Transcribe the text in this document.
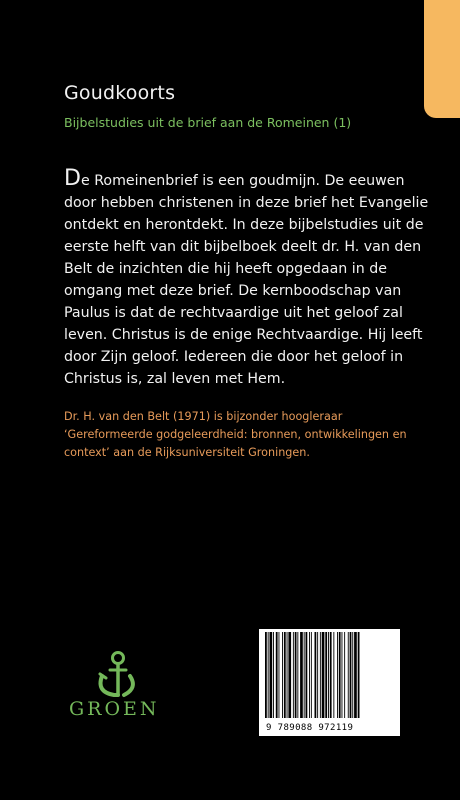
Goudkoorts
Bijbelstudies uit de brief aan de Romeinen (1)
De Romeinenbrief is een goudmijn. De eeuwen door hebben christenen in deze brief het Evangelie ontdekt en herontdekt. In deze bijbelstudies uit de eerste helft van dit bijbelboek deelt dr. H. van den Belt de inzichten die hij heeft opgedaan in de omgang met deze brief. De kernboodschap van Paulus is dat de rechtvaardige uit het geloof zal leven. Christus is de enige Rechtvaardige. Hij leeft door Zijn geloof. Iedereen die door het geloof in Christus is, zal leven met Hem.
Dr. H. van den Belt (1971) is bijzonder hoogleraar ‘Gereformeerde godgeleerdheid: bronnen, ontwikkelingen en context’ aan de Rijksuniversiteit Groningen.
GROEN
9 789088 972119
